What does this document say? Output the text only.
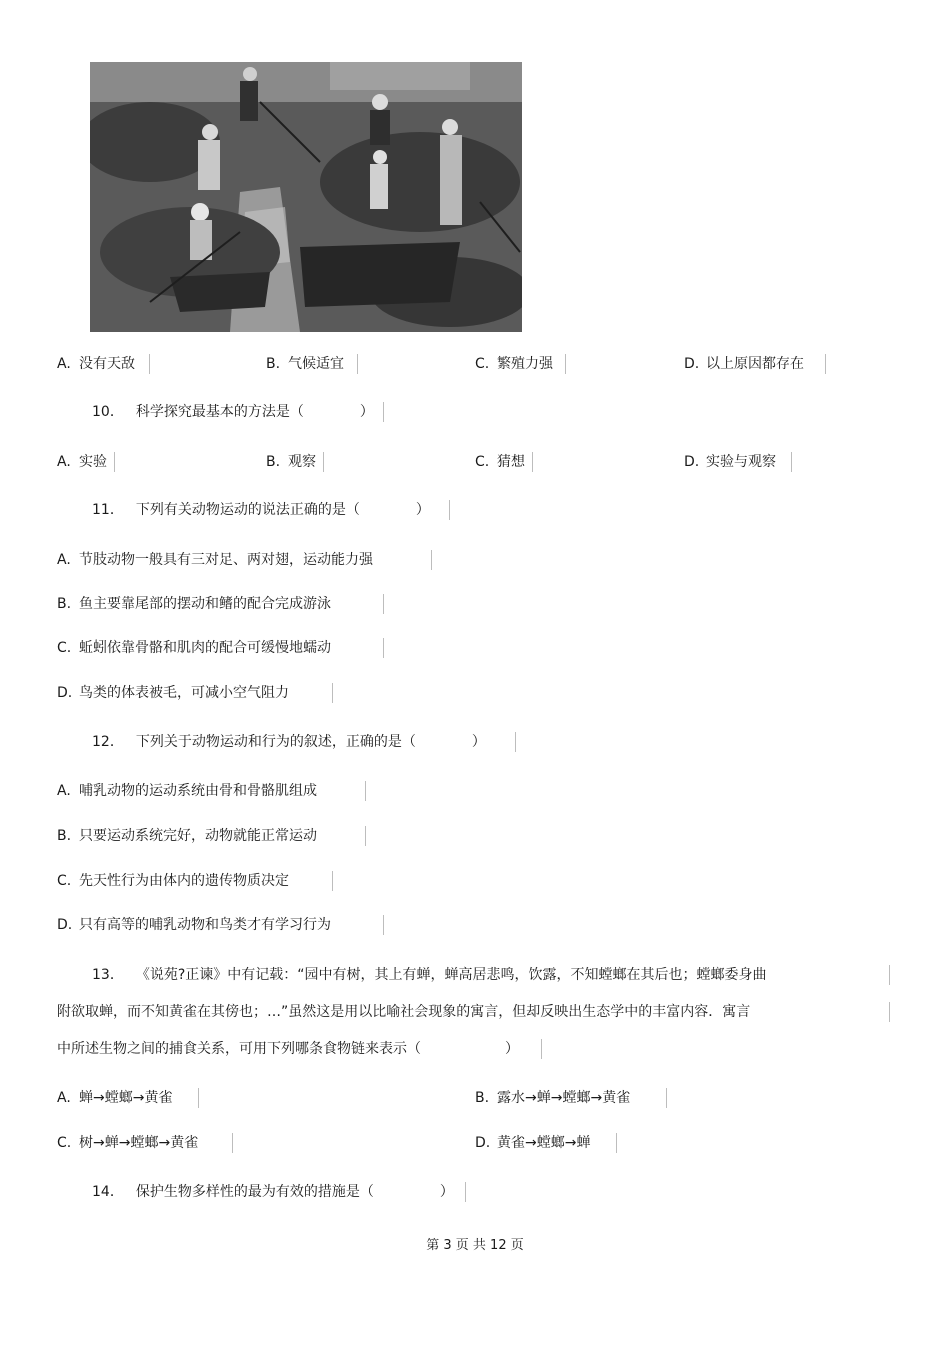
A. 没有天敌	B. 气候适宜	C. 繁殖力强	D. 以上原因都存在
10． 科学探究最基本的方法是（	）
A. 实验	B. 观察	C. 猜想	D. 实验与观察
11． 下列有关动物运动的说法正确的是（	）
A. 节肢动物一般具有三对足、两对翅，运动能力强
B. 鱼主要靠尾部的摆动和鳍的配合完成游泳
C. 蚯蚓依靠骨骼和肌肉的配合可缓慢地蠕动
D. 鸟类的体表被毛，可减小空气阻力
12． 下列关于动物运动和行为的叙述，正确的是（	）
A. 哺乳动物的运动系统由骨和骨骼肌组成
B. 只要运动系统完好，动物就能正常运动
C. 先天性行为由体内的遗传物质决定
D. 只有高等的哺乳动物和鸟类才有学习行为
13． 《说苑?正谏》中有记载：“园中有树，其上有蝉，蝉高居悲鸣，饮露，不知螳螂在其后也；螳螂委身曲
附欲取蝉，而不知黄雀在其傍也；…”虽然这是用以比喻社会现象的寓言，但却反映出生态学中的丰富内容．寓言
中所述生物之间的捕食关系，可用下列哪条食物链来表示（	）
A. 蝉→螳螂→黄雀	B. 露水→蝉→螳螂→黄雀
C. 树→蝉→螳螂→黄雀	D. 黄雀→螳螂→蝉
14． 保护生物多样性的最为有效的措施是（	）
第 3 页 共 12 页
